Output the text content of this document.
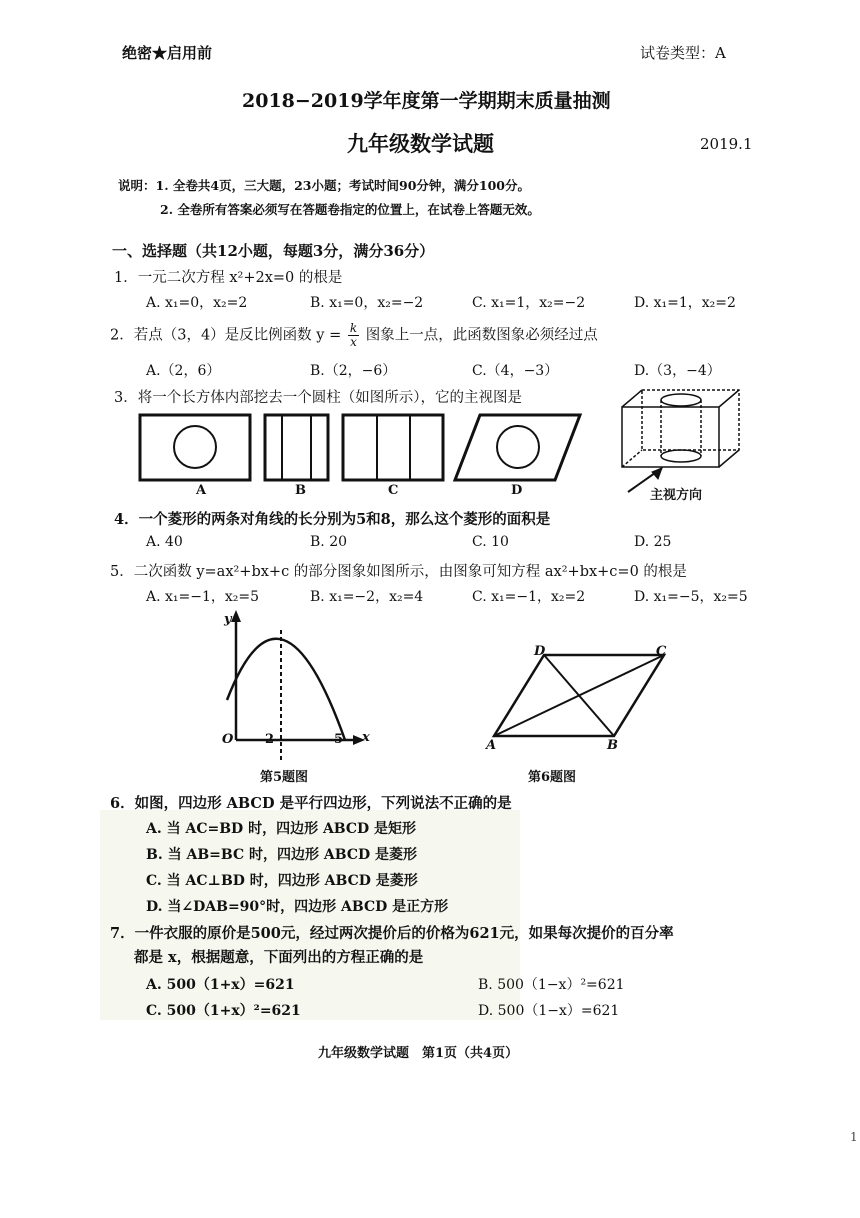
绝密★启用前	试卷类型：A
2018−2019学年度第一学期期末质量抽测
九年级数学试题	2019.1
说明：1. 全卷共4页，三大题，23小题；考试时间90分钟，满分100分。
2. 全卷所有答案必须写在答题卷指定的位置上，在试卷上答题无效。
一、选择题（共12小题，每题3分，满分36分）
1．一元二次方程 x²+2x=0 的根是
A. x₁=0，x₂=2	B. x₁=0，x₂=−2	C. x₁=1，x₂=−2	D. x₁=1，x₂=2
2．若点（3，4）是反比例函数 $y = \frac{k}{x}$ 图象上一点，此函数图象必须经过点
A.（2，6）	B.（2，−6）	C.（4，−3）	D.（3，−4）
3．将一个长方体内部挖去一个圆柱（如图所示），它的主视图是
A	B	C	D	主视方向
4．一个菱形的两条对角线的长分别为5和8，那么这个菱形的面积是
A. 40	B. 20	C. 10	D. 25
5．二次函数 y=ax²+bx+c 的部分图象如图所示，由图象可知方程 ax²+bx+c=0 的根是
A. x₁=−1，x₂=5	B. x₁=−2，x₂=4	C. x₁=−1，x₂=2	D. x₁=−5，x₂=5
y
O 2	5 x
第5题图
D	C
A	B
第6题图
6．如图，四边形 ABCD 是平行四边形，下列说法不正确的是
A. 当 AC=BD 时，四边形 ABCD 是矩形
B. 当 AB=BC 时，四边形 ABCD 是菱形
C. 当 AC⊥BD 时，四边形 ABCD 是菱形
D. 当∠DAB=90°时，四边形 ABCD 是正方形
7．一件衣服的原价是500元，经过两次提价后的价格为621元，如果每次提价的百分率
都是 x，根据题意，下面列出的方程正确的是
A. 500（1+x）=621	B. 500（1−x）²=621
C. 500（1+x）²=621	D. 500（1−x）=621
九年级数学试题　第1页（共4页）
1
